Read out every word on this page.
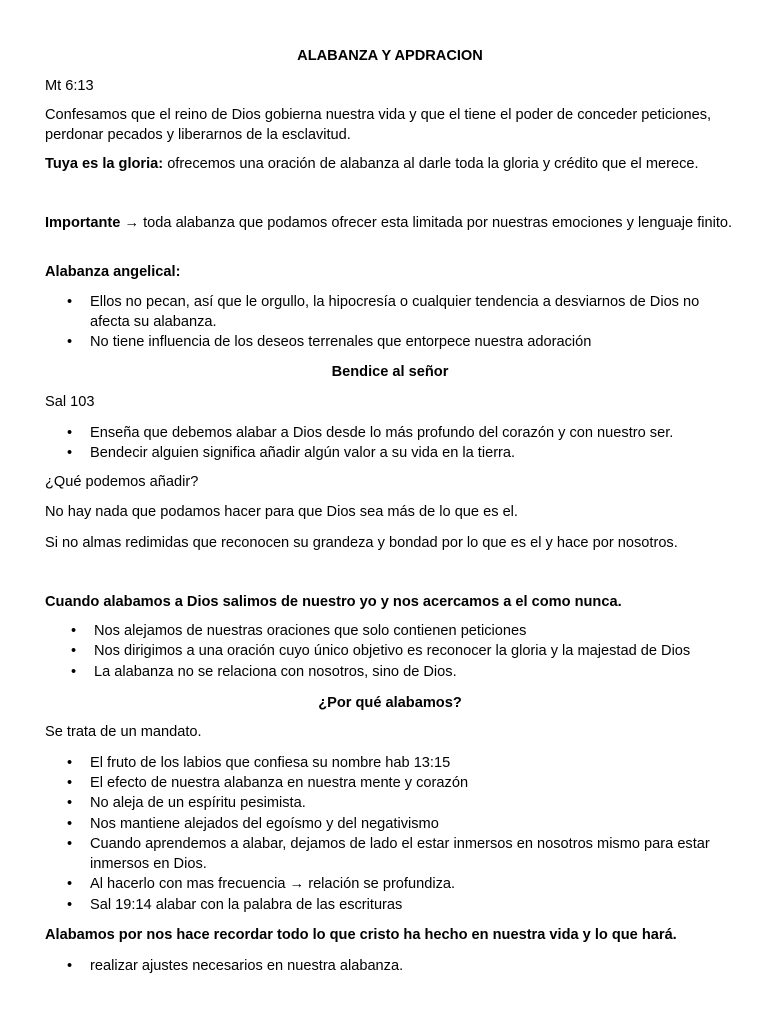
ALABANZA Y APDRACION

Mt 6:13

Confesamos que el reino de Dios gobierna nuestra vida y que el tiene el poder de conceder peticiones, perdonar pecados y liberarnos de la esclavitud.

Tuya es la gloria: ofrecemos una oración de alabanza al darle toda la gloria y crédito que el merece.

Importante → toda alabanza que podamos ofrecer esta limitada por nuestras emociones y lenguaje finito.

Alabanza angelical:

• Ellos no pecan, así que le orgullo, la hipocresía o cualquier tendencia a desviarnos de Dios no afecta su alabanza.
• No tiene influencia de los deseos terrenales que entorpece nuestra adoración

Bendice al señor

Sal 103

• Enseña que debemos alabar a Dios desde lo más profundo del corazón y con nuestro ser.
• Bendecir alguien significa añadir algún valor a su vida en la tierra.

¿Qué podemos añadir?

No hay nada que podamos hacer para que Dios sea más de lo que es el.

Si no almas redimidas que reconocen su grandeza y bondad por lo que es el y hace por nosotros.

Cuando alabamos a Dios salimos de nuestro yo y nos acercamos a el como nunca.

• Nos alejamos de nuestras oraciones que solo contienen peticiones
• Nos dirigimos a una oración cuyo único objetivo es reconocer la gloria y la majestad de Dios
• La alabanza no se relaciona con nosotros, sino de Dios.

¿Por qué alabamos?

Se trata de un mandato.

• El fruto de los labios que confiesa su nombre hab 13:15
• El efecto de nuestra alabanza en nuestra mente y corazón
• No aleja de un espíritu pesimista.
• Nos mantiene alejados del egoísmo y del negativismo
• Cuando aprendemos a alabar, dejamos de lado el estar inmersos en nosotros mismo para estar inmersos en Dios.
• Al hacerlo con mas frecuencia → relación se profundiza.
• Sal 19:14 alabar con la palabra de las escrituras

Alabamos por nos hace recordar todo lo que cristo ha hecho en nuestra vida y lo que hará.

• realizar ajustes necesarios en nuestra alabanza.
